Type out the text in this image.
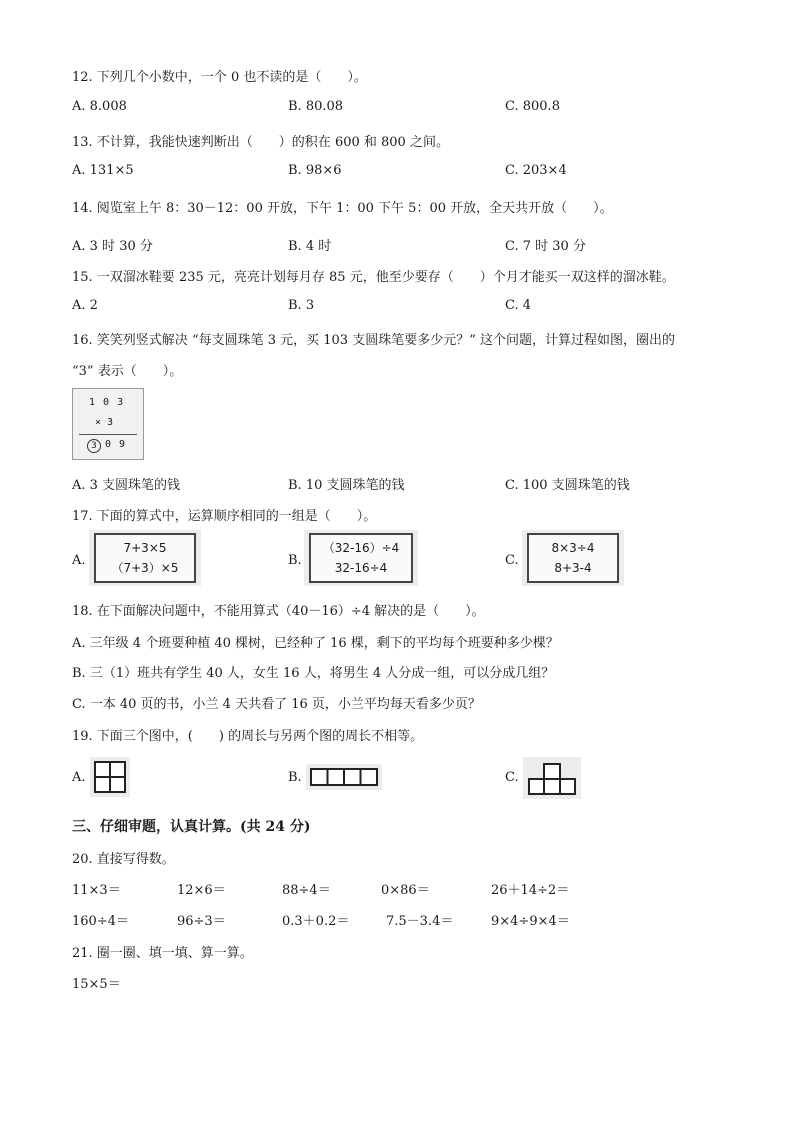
12. 下列几个小数中，一个 0 也不读的是（　　）。
A. 8.008	B. 80.08	C. 800.8
13. 不计算，我能快速判断出（　　）的积在 600 和 800 之间。
A. 131×5	B. 98×6	C. 203×4
14. 阅览室上午 8：30－12：00 开放，下午 1：00 下午 5：00 开放，全天共开放（　　）。
A. 3 时 30 分	B. 4 时	C. 7 时 30 分
15. 一双溜冰鞋要 235 元，亮亮计划每月存 85 元，他至少要存（　　）个月才能买一双这样的溜冰鞋。
A. 2	B. 3	C. 4
16. 笑笑列竖式解决 “每支圆珠笔 3 元，买 103 支圆珠笔要多少元？” 这个问题，计算过程如图，圈出的
“3” 表示（　　）。
1 0 3
× 3
3 0 9
A. 3 支圆珠笔的钱	B. 10 支圆珠笔的钱	C. 100 支圆珠笔的钱
17. 下面的算式中，运算顺序相同的一组是（　　）。
A.
7+3×5
（7+3）×5	B.
（32-16）÷4
32-16÷4	C.
8×3÷4
8+3-4
18. 在下面解决问题中，不能用算式（40－16）÷4 解决的是（　　）。
A. 三年级 4 个班要种植 40 棵树，已经种了 16 棵，剩下的平均每个班要种多少棵？
B. 三（1）班共有学生 40 人，女生 16 人，将男生 4 人分成一组，可以分成几组？
C. 一本 40 页的书，小兰 4 天共看了 16 页，小兰平均每天看多少页？
19. 下面三个图中，(　　) 的周长与另两个图的周长不相等。
A.	B.	C.
三、仔细审题，认真计算。(共 24 分)
20. 直接写得数。
11×3＝	12×6＝	88÷4＝	0×86＝	26＋14÷2＝
160÷4＝	96÷3＝	0.3＋0.2＝	7.5－3.4＝	9×4÷9×4＝
21. 圈一圈、填一填、算一算。
15×5＝
